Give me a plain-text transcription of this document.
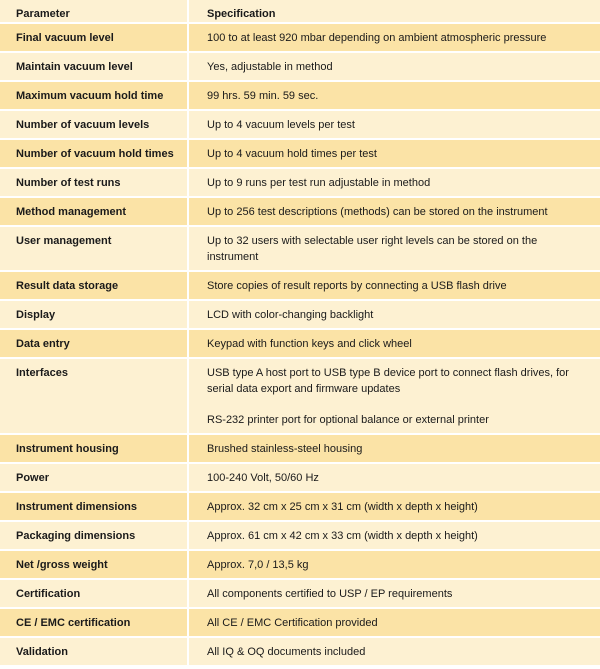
Parameter	Specification
Final vacuum level	100 to at least 920 mbar depending on ambient atmospheric pressure

Maintain vacuum level	Yes, adjustable in method

Maximum vacuum hold time	99 hrs. 59 min. 59 sec.

Number of vacuum levels	Up to 4 vacuum levels per test

Number of vacuum hold times	Up to 4 vacuum hold times per test

Number of test runs	Up to 9 runs per test run adjustable in method

Method management	Up to 256 test descriptions (methods) can be stored on the instrument

User management	Up to 32 users with selectable user right levels can be stored on the instrument

Result data storage	Store copies of result reports by connecting a USB flash drive

Display	LCD with color-changing backlight

Data entry	Keypad with function keys and click wheel

Interfaces	USB type A host port to USB type B device port to connect flash drives, for serial data export and firmware updates
RS-232 printer port for optional balance or external printer

Instrument housing	Brushed stainless-steel housing

Power	100-240 Volt, 50/60 Hz

Instrument dimensions	Approx. 32 cm x 25 cm x 31 cm (width x depth x height)

Packaging dimensions	Approx. 61 cm x 42 cm x 33 cm (width x depth x height)

Net /gross weight	Approx. 7,0 / 13,5 kg

Certification	All components certified to USP / EP requirements

CE / EMC certification	All CE / EMC Certification provided

Validation	All IQ & OQ documents included
